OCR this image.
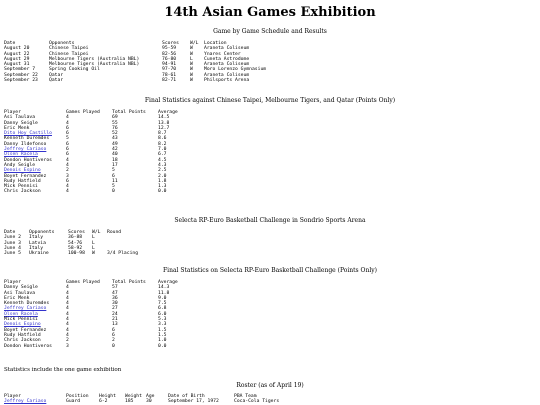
14th Asian Games Exhibition
Game by Game Schedule and Results
Date	Opponents	Scores W/L Location
August 20	Chinese Taipei	95-59	W Araneta Coliseum
August 22	Chinese Taipei	82-56	W Ynares Center
August 29	Melbourne Tigers (Australia NBL)	76-80	L Cuneta Astrodome
August 31	Melbourne Tigers (Australia NBL)	94-91	W Araneta Coliseum
September 7	Spring Cooking Oil	97-70	W Moro Lorenzo Gymnasium
September 22 Qatar	78-61	W Araneta Coliseum
September 23 Qatar	82-71	W Philsports Arena
Final Statistics against Chinese Taipei, Melbourne Tigers, and Qatar (Points Only)
Player	Games Played	Total Points	Average
Asi Taulava	4	69	14.5
Danny Seigle	4	55	13.8
Eric Menk	6	76	12.7
Dito Hoy Castillo	6	52	8.7
Kenneth Duremdes	5	43	8.6
Danny Ildefonso	6	49	8.2
Jeffrey Cariaso	6	42	7.0
Olsen Racela	6	40	6.7
Dondon Hontiveros	4	18	4.5
Andy Seigle	4	17	4.3
Denois Espino	2	5	2.5
Boyet Fernandez	3	6	2.0
Rudy Hatfield	6	11	1.8
Mick Pennisi	4	5	1.3
Chris Jackson	4	0	0.0
Selecta RP-Euro Basketball Challenge in Sondrio Sports Arena
Date	Opponents	Scores W/L Round
June 2 Italy	36-88 L
June 3 Latvia	54-76 L
June 4 Italy	58-92 L
June 5 Ukraine	100-98 W	3/4 Placing
Final Statistics on Selecta RP-Euro Basketball Challenge (Points Only)
Player	Games Played	Total Points	Average
Danny Seigle	4	57	14.3
Asi Taulava	4	47	11.8
Eric Menk	4	36	9.0
Kenneth Duremdes	4	30	7.5
Jeffrey Cariaso	4	27	6.8
Olsen Racela	4	24	6.0
Mick Pennisi	4	21	5.3
Denois Espino	4	13	3.3
Boyet Fernandez	4	6	1.5
Rudy Hatfield	4	6	1.5
Chris Jackson	2	2	1.0
Dondon Hontiveros	3	0	0.0
Statistics include the one game exhibition
Roster (as of April 19)
Player	Position Height Weight Age	Date of Birth	PBA Team
Jeffrey Cariaso	Guard	6-2	185	30	September 17, 1972	Coca-Cola Tigers
